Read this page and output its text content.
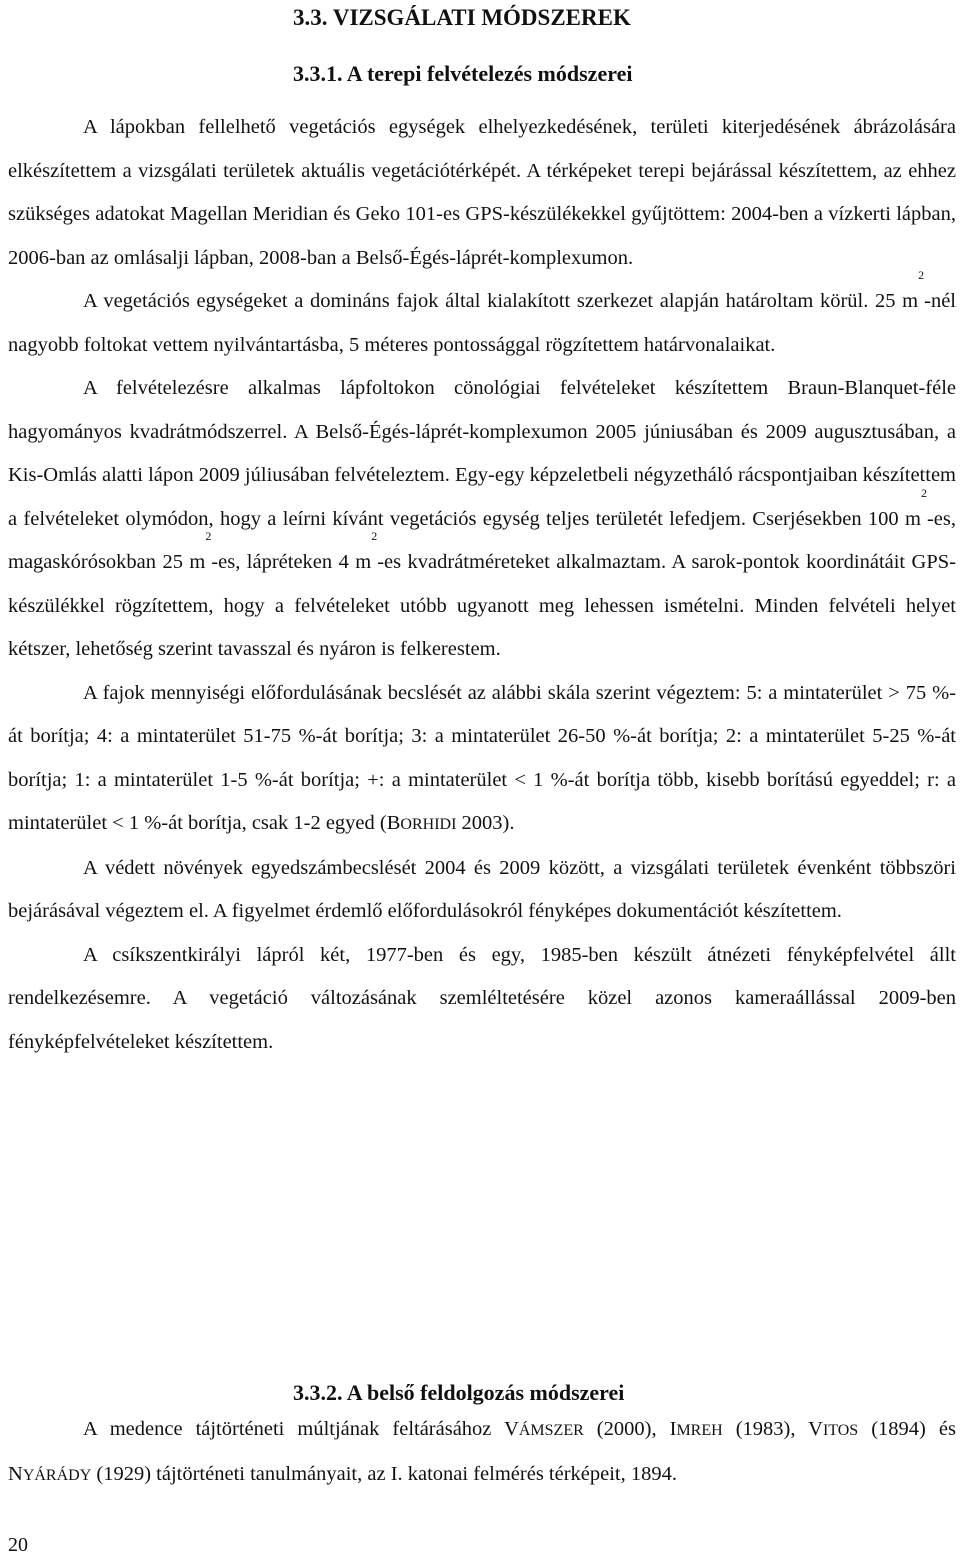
3.3. VIZSGÁLATI MÓDSZEREK
3.3.1. A terepi felvételezés módszerei

A lápokban fellelhető vegetációs egységek elhelyezkedésének, területi kiterjedésének ábrázolására elkészítettem a vizsgálati területek aktuális vegetációtérképét. A térképeket terepi bejárással készítettem, az ehhez szükséges adatokat Magellan Meridian és Geko 101-es GPS-készülékekkel gyűjtöttem: 2004-ben a vízkerti lápban, 2006-ban az omlásalji lápban, 2008-ban a Belső-Égés-láprét-komplexumon.

A vegetációs egységeket a domináns fajok által kialakított szerkezet alapján határoltam körül. 25 $m^2$-nél nagyobb foltokat vettem nyilvántartásba, 5 méteres pontossággal rögzítettem határvonalaikat.

A felvételezésre alkalmas lápfoltokon cönológiai felvételeket készítettem Braun-Blanquet-féle hagyományos kvadrátmódszerrel. A Belső-Égés-láprét-komplexumon 2005 júniusában és 2009 augusztusában, a Kis-Omlás alatti lápon 2009 júliusában felvételeztem. Egy-egy képzeletbeli négyzetháló rácspontjaiban készítettem a felvételeket olymódon, hogy a leírni kívánt vegetációs egység teljes területét lefedjem. Cserjésekben 100 $m^2-es$, magaskórósokban 25 $m^2-es$, lápréteken 4 $m^2-es$ kvadrátméreteket alkalmaztam. A sarok-pontok koordinátáit GPS-készülékkel rögzítettem, hogy a felvételeket utóbb ugyanott meg lehessen ismételni. Minden felvételi helyet kétszer, lehetőség szerint tavasszal és nyáron is felkerestem.

A fajok mennyiségi előfordulásának becslését az alábbi skála szerint végeztem: 5: a mintaterület > 75 %-át borítja; 4: a mintaterület 51-75 %-át borítja; 3: a mintaterület 26-50 %-át borítja; 2: a mintaterület 5-25 %-át borítja; 1: a mintaterület 1-5 %-át borítja; +: a mintaterület < 1 %-át borítja több, kisebb borítású egyeddel; r: a mintaterület < 1 %-át borítja, csak 1-2 egyed (BORHIDI 2003).

A védett növények egyedszámbecslését 2004 és 2009 között, a vizsgálati területek évenként többszöri bejárásával végeztem el. A figyelmet érdemlő előfordulásokról fényképes dokumentációt készítettem.

A csíkszentkirályi lápról két, 1977-ben és egy, 1985-ben készült átnézeti fényképfelvétel állt rendelkezésemre. A vegetáció változásának szemléltetésére közel azonos kameraállással 2009-ben fényképfelvételeket készítettem.

3.3.2. A belső feldolgozás módszerei

A medence tájtörténeti múltjának feltárásához VÁMSZER (2000), IMREH (1983), VITOS (1894) és NYÁRÁDY (1929) tájtörténeti tanulmányait, az I. katonai felmérés térképeit, 1894.

20
